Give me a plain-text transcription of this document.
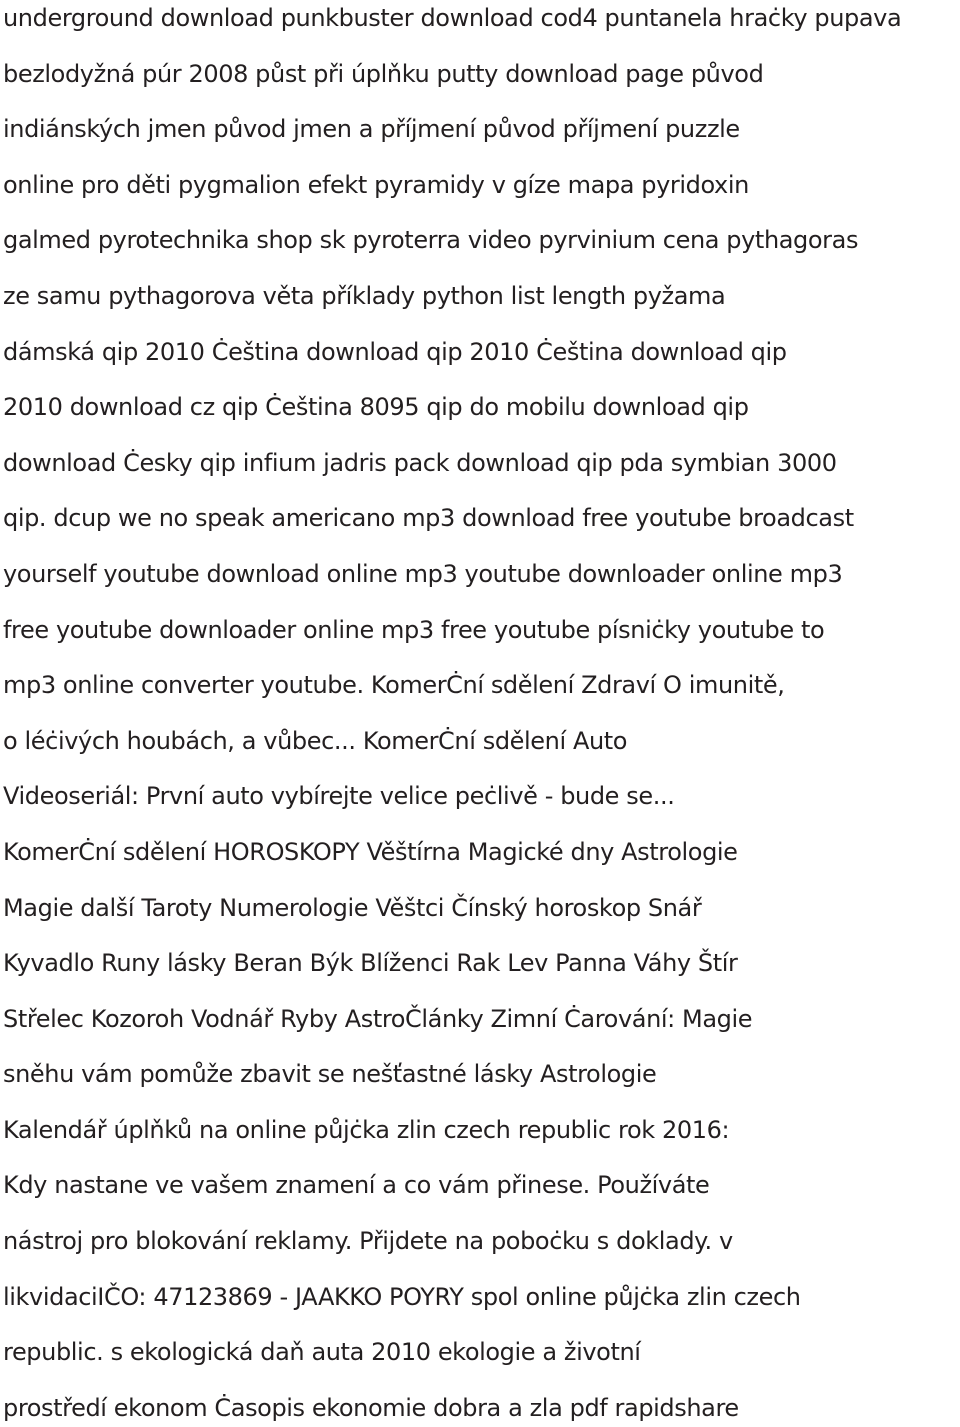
underground download punkbuster download cod4 puntanela hraċky pupava
bezlodyžná púr 2008 půst při úplňku putty download page původ
indiánských jmen původ jmen a příjmení původ příjmení puzzle
online pro děti pygmalion efekt pyramidy v gíze mapa pyridoxin
galmed pyrotechnika shop sk pyroterra video pyrvinium cena pythagoras
ze samu pythagorova věta příklady python list length pyžama
dámská qip 2010 Ċeština download qip 2010 Ċeština download qip
2010 download cz qip Ċeština 8095 qip do mobilu download qip
download Ċesky qip infium jadris pack download qip pda symbian 3000
qip. dcup we no speak americano mp3 download free youtube broadcast
yourself youtube download online mp3 youtube downloader online mp3
free youtube downloader online mp3 free youtube písniċky youtube to
mp3 online converter youtube. KomerĊní sdělení Zdraví O imunitě,
o léċivých houbách, a vůbec... KomerĊní sdělení Auto
Videoseriál: První auto vybírejte velice peċlivě - bude se...
KomerĊní sdělení HOROSKOPY Věštírna Magické dny Astrologie
Magie další Taroty Numerologie Věštci Čínský horoskop Snář
Kyvadlo Runy lásky Beran Býk Blíženci Rak Lev Panna Váhy Štír
Střelec Kozoroh Vodnář Ryby AstroČlánky Zimní Ċarování: Magie
sněhu vám pomůže zbavit se nešťastné lásky Astrologie
Kalendář úplňků na online půjċka zlin czech republic rok 2016:
Kdy nastane ve vašem znamení a co vám přinese. Používáte
nástroj pro blokování reklamy. Přijdete na poboċku s doklady. v
likvidaciIČO: 47123869 - JAAKKO POYRY spol online půjċka zlin czech
republic. s ekologická daň auta 2010 ekologie a životní
prostředí ekonom Ċasopis ekonomie dobra a zla pdf rapidshare
